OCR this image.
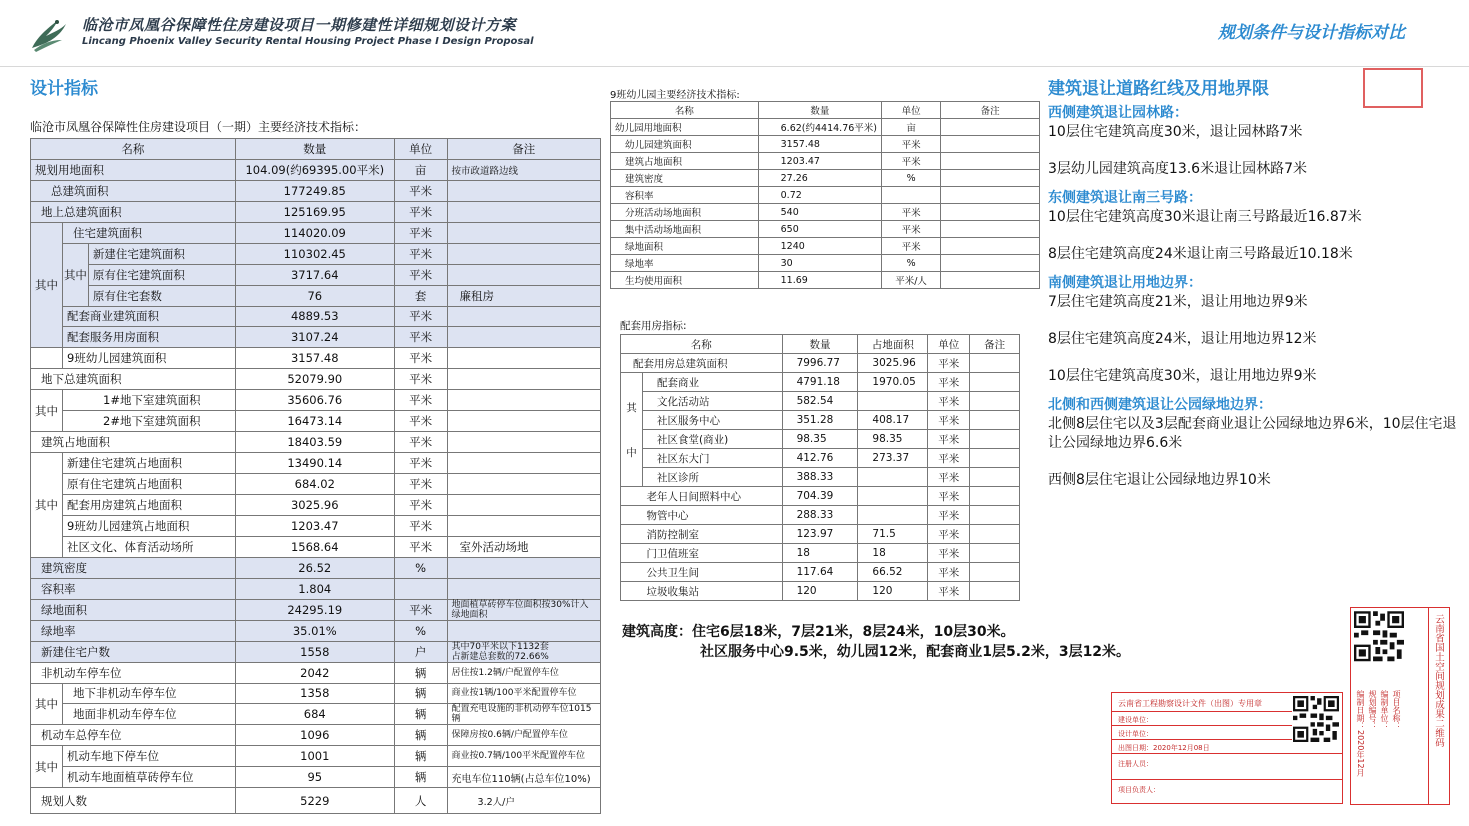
临沧市凤凰谷保障性住房建设项目一期修建性详细规划设计方案
Lincang Phoenix Valley Security Rental Housing Project Phase I Design Proposal	规划条件与设计指标对比
设计指标
临沧市凤凰谷保障性住房建设项目（一期）主要经济技术指标：
名称			数量	单位	备注
规划用地面积			104.09(约69395.00平米)	亩	按市政道路边线
总建筑面积			177249.85	平米	
地上总建筑面积			125169.95	平米	
其中	住宅建筑面积		114020.09	平米	
	其中	新建住宅建筑面积	110302.45	平米	
		原有住宅建筑面积	3717.64	平米	
		原有住宅套数	76	套	廉租房
	配套商业建筑面积		4889.53	平米	
	配套服务用房面积		3107.24	平米	
	9班幼儿园建筑面积		3157.48	平米	
地下总建筑面积			52079.90	平米	
其中	1#地下室建筑面积		35606.76	平米	
	2#地下室建筑面积		16473.14	平米	
建筑占地面积			18403.59	平米	
其中	新建住宅建筑占地面积		13490.14	平米	
	原有住宅建筑占地面积		684.02	平米	
	配套用房建筑占地面积		3025.96	平米	
	9班幼儿园建筑占地面积		1203.47	平米	
	社区文化、体育活动场所		1568.64	平米	室外活动场地
建筑密度			26.52	%	
容积率			1.804		
绿地面积			24295.19	平米	地面植草砖停车位面积按30%计入绿地面积
绿地率			35.01%	%	
新建住宅户数			1558	户	其中70平米以下1132套
占新建总套数的72.66%

非机动车停车位			2042	辆	居住按1.2辆/户配置停车位
其中	地下非机动车停车位		1358	辆	商业按1辆/100平米配置停车位
	地面非机动车停车位		684	辆	配置充电设施的非机动停车位1015辆
机动车总停车位			1096	辆	保障房按0.6辆/户配置停车位
其中	机动车地下停车位		1001	辆	商业按0.7辆/100平米配置停车位
	机动车地面植草砖停车位		95	辆	充电车位110辆(占总车位10%)
规划人数			5229	人	3.2人/户
9班幼儿园主要经济技术指标:
名称	数量	单位	备注
幼儿园用地面积	6.62(约4414.76平米)	亩	
幼儿园建筑面积	3157.48	平米	
建筑占地面积	1203.47	平米	
建筑密度	27.26	%	
容积率	0.72		
分班活动场地面积	540	平米	
集中活动场地面积	650	平米	
绿地面积	1240	平米	
绿地率	30	%	
生均使用面积	11.69	平米/人	
配套用房指标:
名称		数量	占地面积	单位	备注
配套用房总建筑面积		7996.77	3025.96	平米	

其
中	配套商业	4791.18	1970.05	平米	
	文化活动站	582.54		平米	
	社区服务中心	351.28	408.17	平米	
	社区食堂(商业)	98.35	98.35	平米	
	社区东大门	412.76	273.37	平米	
	社区诊所	388.33		平米	
	老年人日间照料中心	704.39		平米	
	物管中心	288.33		平米	
	消防控制室	123.97	71.5	平米	
	门卫值班室	18	18	平米	
	公共卫生间	117.64	66.52	平米	
	垃圾收集站	120	120	平米	
建筑高度：住宅6层18米，7层21米，8层24米，10层30米。
社区服务中心9.5米，幼儿园12米，配套商业1层5.2米，3层12米。
建筑退让道路红线及用地界限
西侧建筑退让园林路：
10层住宅建筑高度30米，退让园林路7米
3层幼儿园建筑高度13.6米退让园林路7米
东侧建筑退让南三号路：
10层住宅建筑高度30米退让南三号路最近16.87米
8层住宅建筑高度24米退让南三号路最近10.18米
南侧建筑退让用地边界：
7层住宅建筑高度21米，退让用地边界9米
8层住宅建筑高度24米，退让用地边界12米
10层住宅建筑高度30米，退让用地边界9米
北侧和西侧建筑退让公园绿地边界：
北侧8层住宅以及3层配套商业退让公园绿地边界6米，10层住宅退让公园绿地边界6.6米
西侧8层住宅退让公园绿地边界10米
云南省工程勘察设计文件（出图）专用章
建设单位：
设计单位：
出图日期：2020年12月08日
注册人员：
项目负责人：
云南省国土空间规划成果二维码
编制日期：2020年12月 规划编号： 编制单位： 项目名称：
